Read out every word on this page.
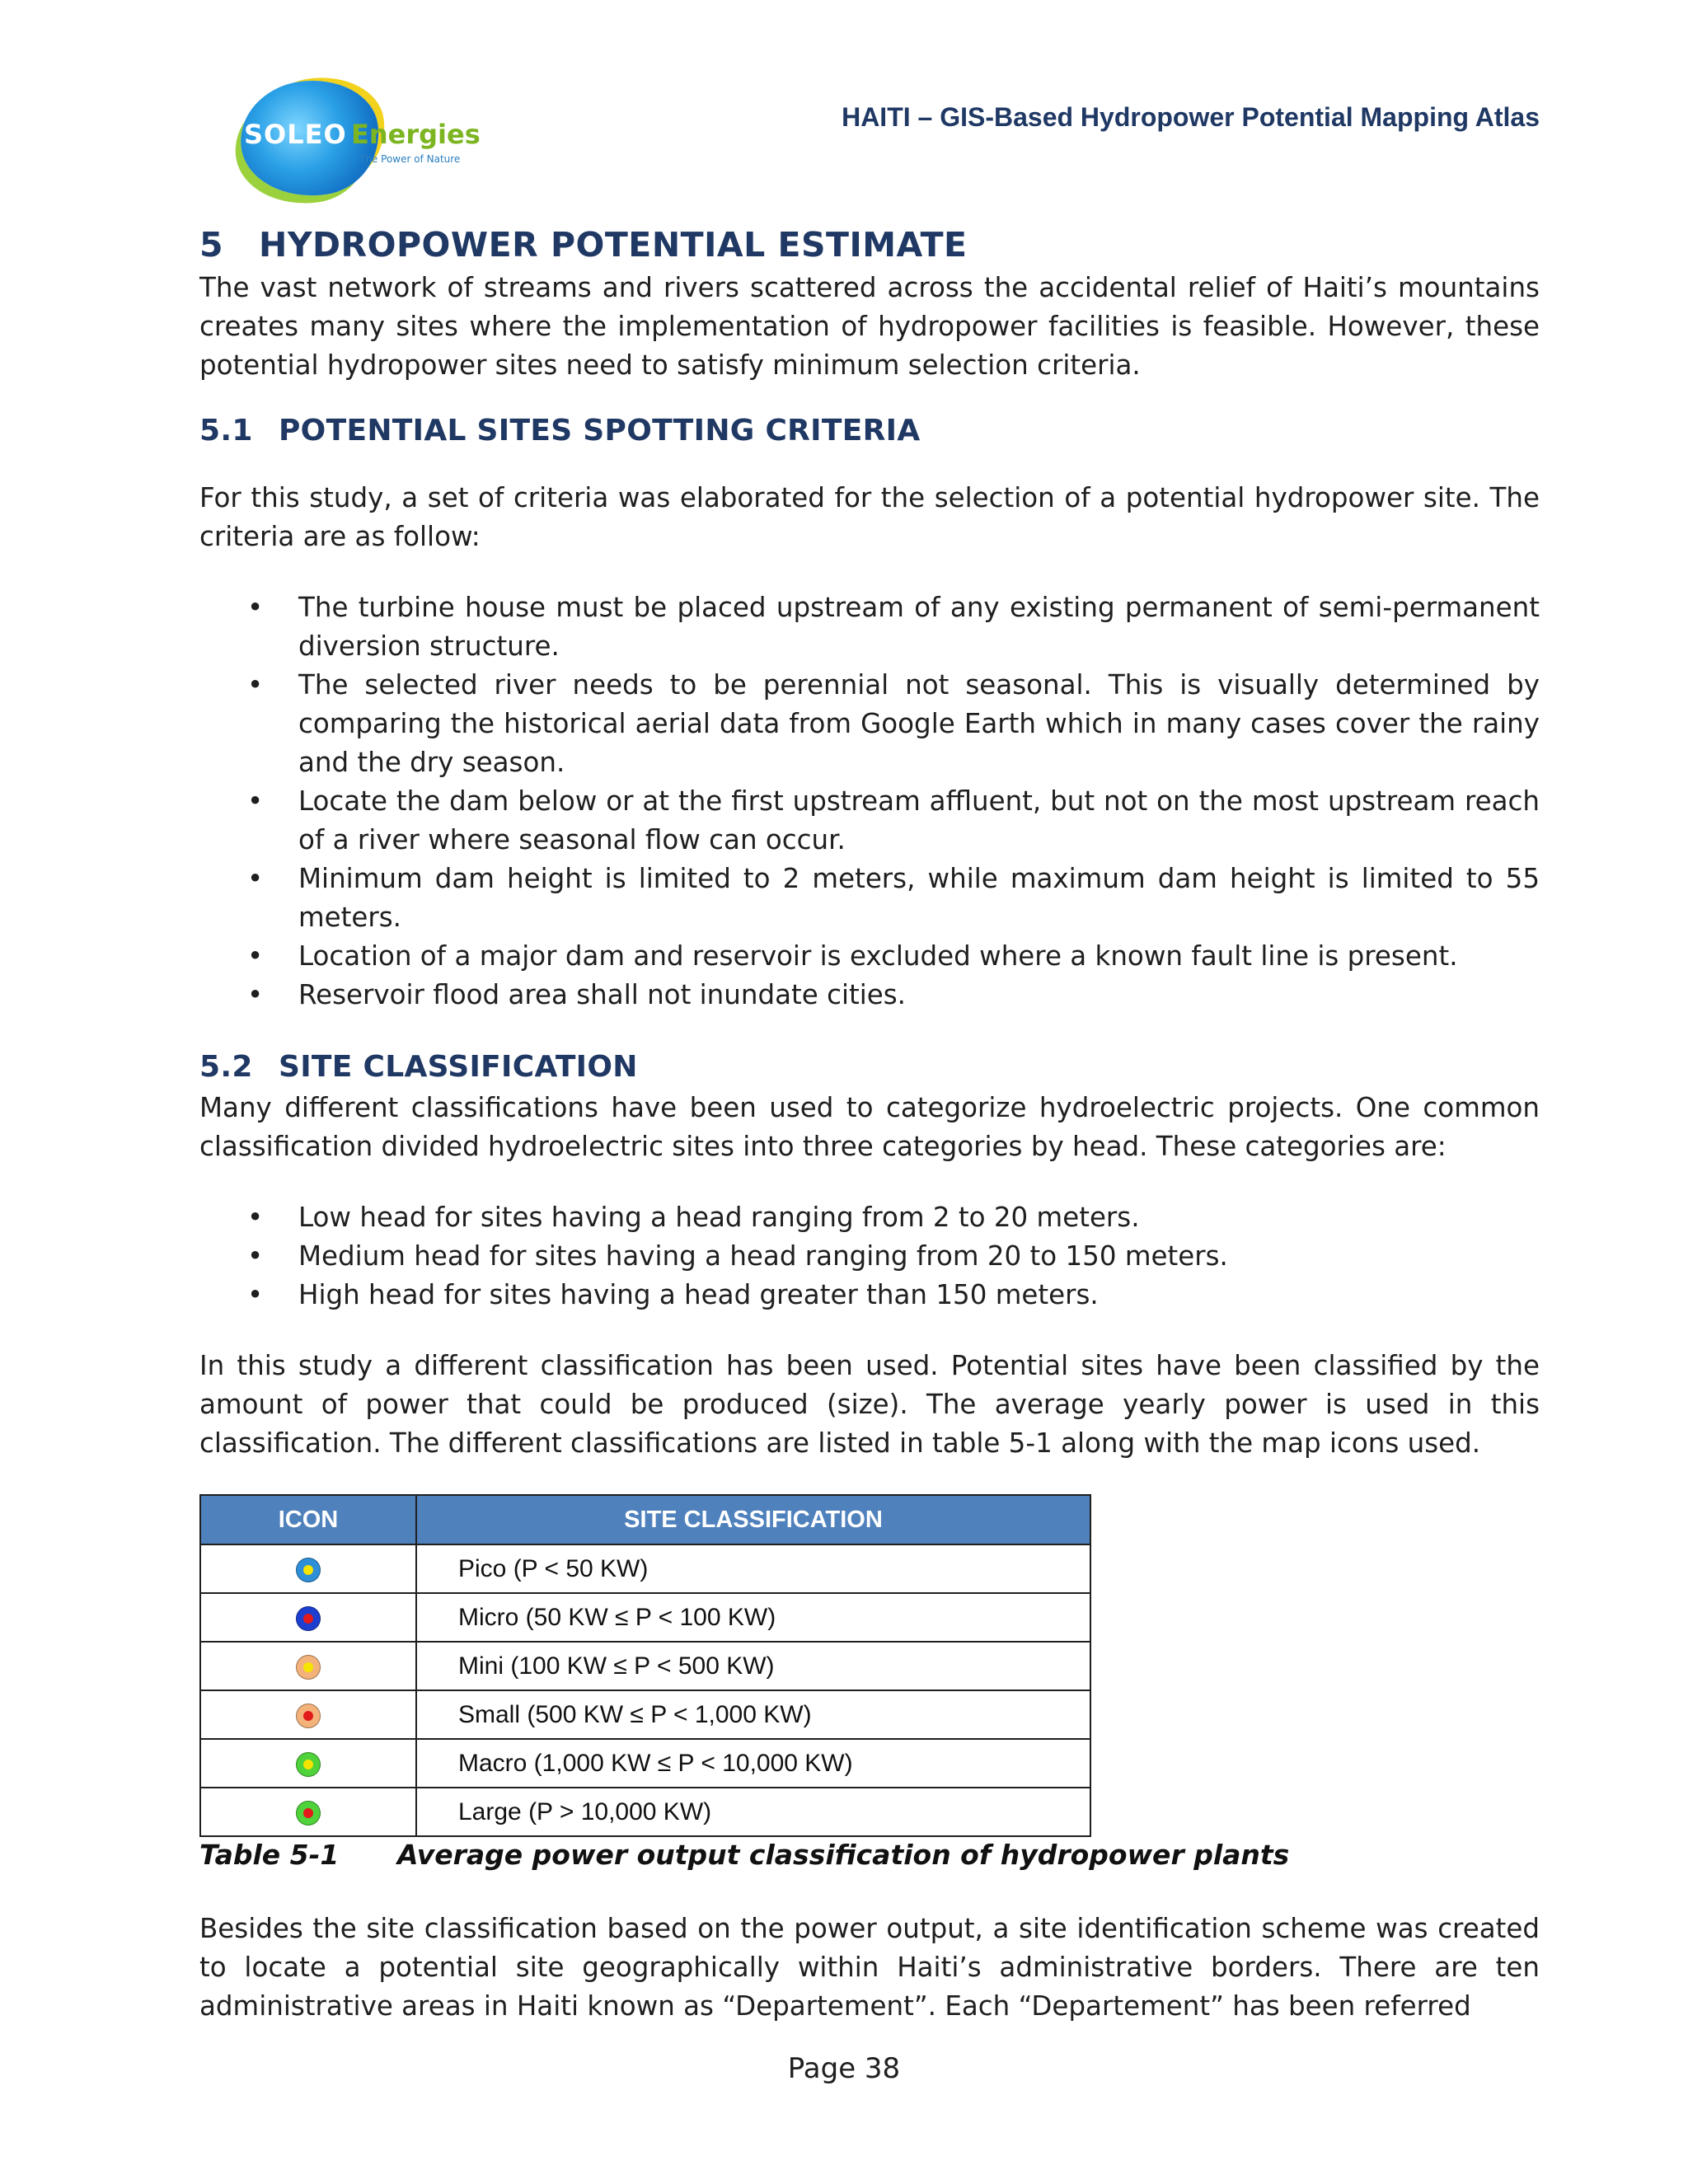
SOLEO Energies
The Power of Nature
HAITI – GIS-Based Hydropower Potential Mapping Atlas
5 HYDROPOWER POTENTIAL ESTIMATE

The vast network of streams and rivers scattered across the accidental relief of Haiti’s mountains creates many sites where the implementation of hydropower facilities is feasible. However, these potential hydropower sites need to satisfy minimum selection criteria.

5.1 POTENTIAL SITES SPOTTING CRITERIA

For this study, a set of criteria was elaborated for the selection of a potential hydropower site. The criteria are as follow:

• The turbine house must be placed upstream of any existing permanent of semi-permanent diversion structure.
• The selected river needs to be perennial not seasonal. This is visually determined by comparing the historical aerial data from Google Earth which in many cases cover the rainy and the dry season.
• Locate the dam below or at the first upstream affluent, but not on the most upstream reach of a river where seasonal flow can occur.
• Minimum dam height is limited to 2 meters, while maximum dam height is limited to 55 meters.
• Location of a major dam and reservoir is excluded where a known fault line is present.
• Reservoir flood area shall not inundate cities.
5.2 SITE CLASSIFICATION

Many different classifications have been used to categorize hydroelectric projects. One common classification divided hydroelectric sites into three categories by head. These categories are:

• Low head for sites having a head ranging from 2 to 20 meters.
• Medium head for sites having a head ranging from 20 to 150 meters.
• High head for sites having a head greater than 150 meters.

In this study a different classification has been used. Potential sites have been classified by the amount of power that could be produced (size). The average yearly power is used in this classification. The different classifications are listed in table 5-1 along with the map icons used.

ICON	SITE CLASSIFICATION

	Pico (P < 50 KW)

	Micro (50 KW ≤ P < 100 KW)

	Mini (100 KW ≤ P < 500 KW)

	Small (500 KW ≤ P < 1,000 KW)

	Macro (1,000 KW ≤ P < 10,000 KW)

	Large (P > 10,000 KW)
Table 5-1 Average power output classification of hydropower plants

Besides the site classification based on the power output, a site identification scheme was created to locate a potential site geographically within Haiti’s administrative borders. There are ten administrative areas in Haiti known as “Departement”. Each “Departement” has been referred

Page 38
